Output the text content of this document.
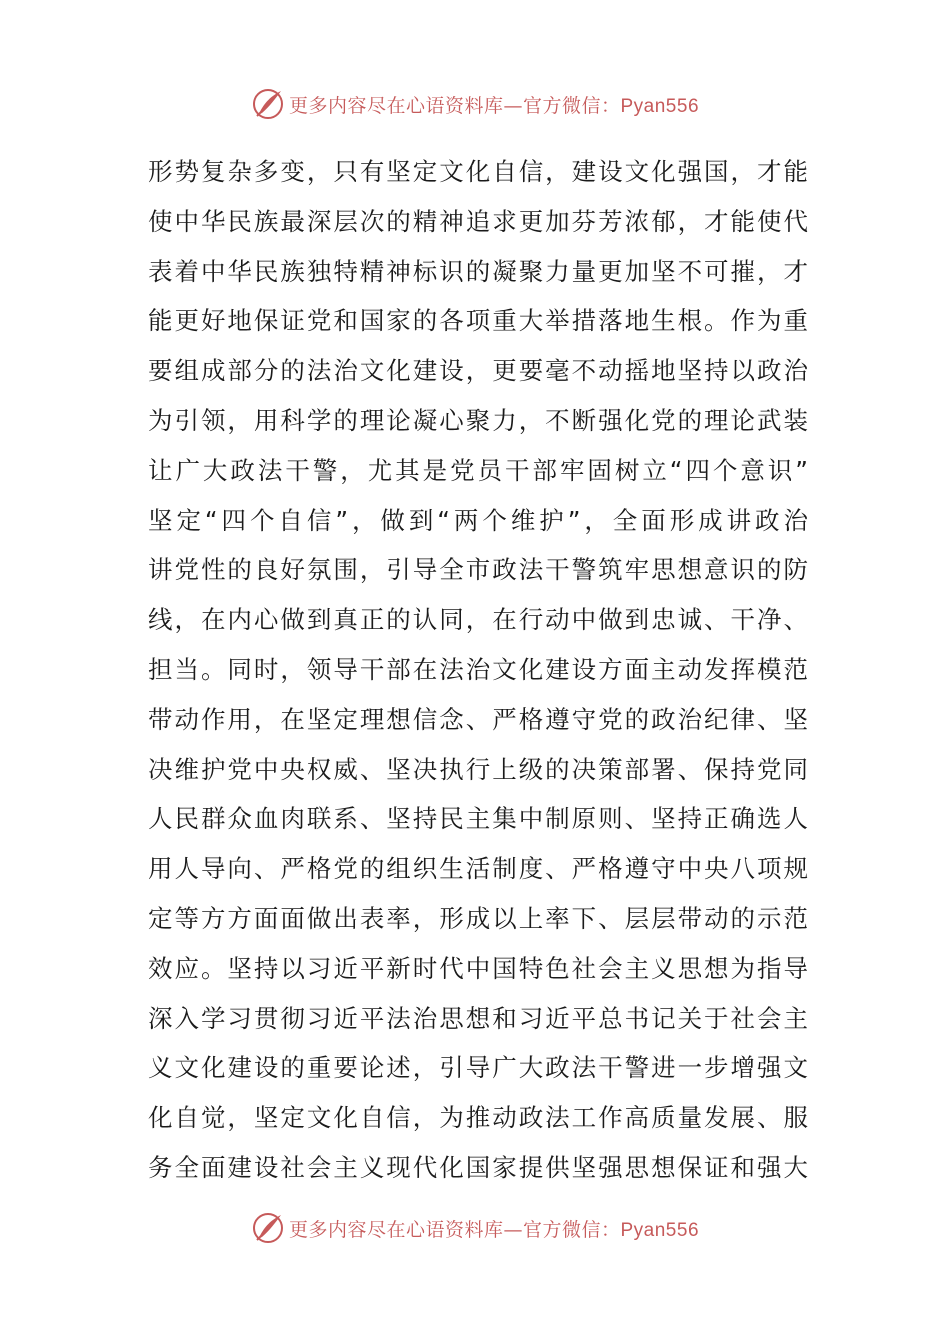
更多内容尽在心语资料库—官方微信：Pyan556
形势复杂多变，只有坚定文化自信，建设文化强国，才能
使中华民族最深层次的精神追求更加芬芳浓郁，才能使代
表着中华民族独特精神标识的凝聚力量更加坚不可摧，才
能更好地保证党和国家的各项重大举措落地生根。作为重
要组成部分的法治文化建设，更要毫不动摇地坚持以政治
为引领，用科学的理论凝心聚力，不断强化党的理论武装
让广大政法干警，尤其是党员干部牢固树立“四个意识”
坚定“四个自信”，做到“两个维护”，全面形成讲政治
讲党性的良好氛围，引导全市政法干警筑牢思想意识的防
线，在内心做到真正的认同，在行动中做到忠诚、干净、
担当。同时，领导干部在法治文化建设方面主动发挥模范
带动作用，在坚定理想信念、严格遵守党的政治纪律、坚
决维护党中央权威、坚决执行上级的决策部署、保持党同
人民群众血肉联系、坚持民主集中制原则、坚持正确选人
用人导向、严格党的组织生活制度、严格遵守中央八项规
定等方方面面做出表率，形成以上率下、层层带动的示范
效应。坚持以习近平新时代中国特色社会主义思想为指导
深入学习贯彻习近平法治思想和习近平总书记关于社会主
义文化建设的重要论述，引导广大政法干警进一步增强文
化自觉，坚定文化自信，为推动政法工作高质量发展、服
务全面建设社会主义现代化国家提供坚强思想保证和强大
更多内容尽在心语资料库—官方微信：Pyan556
